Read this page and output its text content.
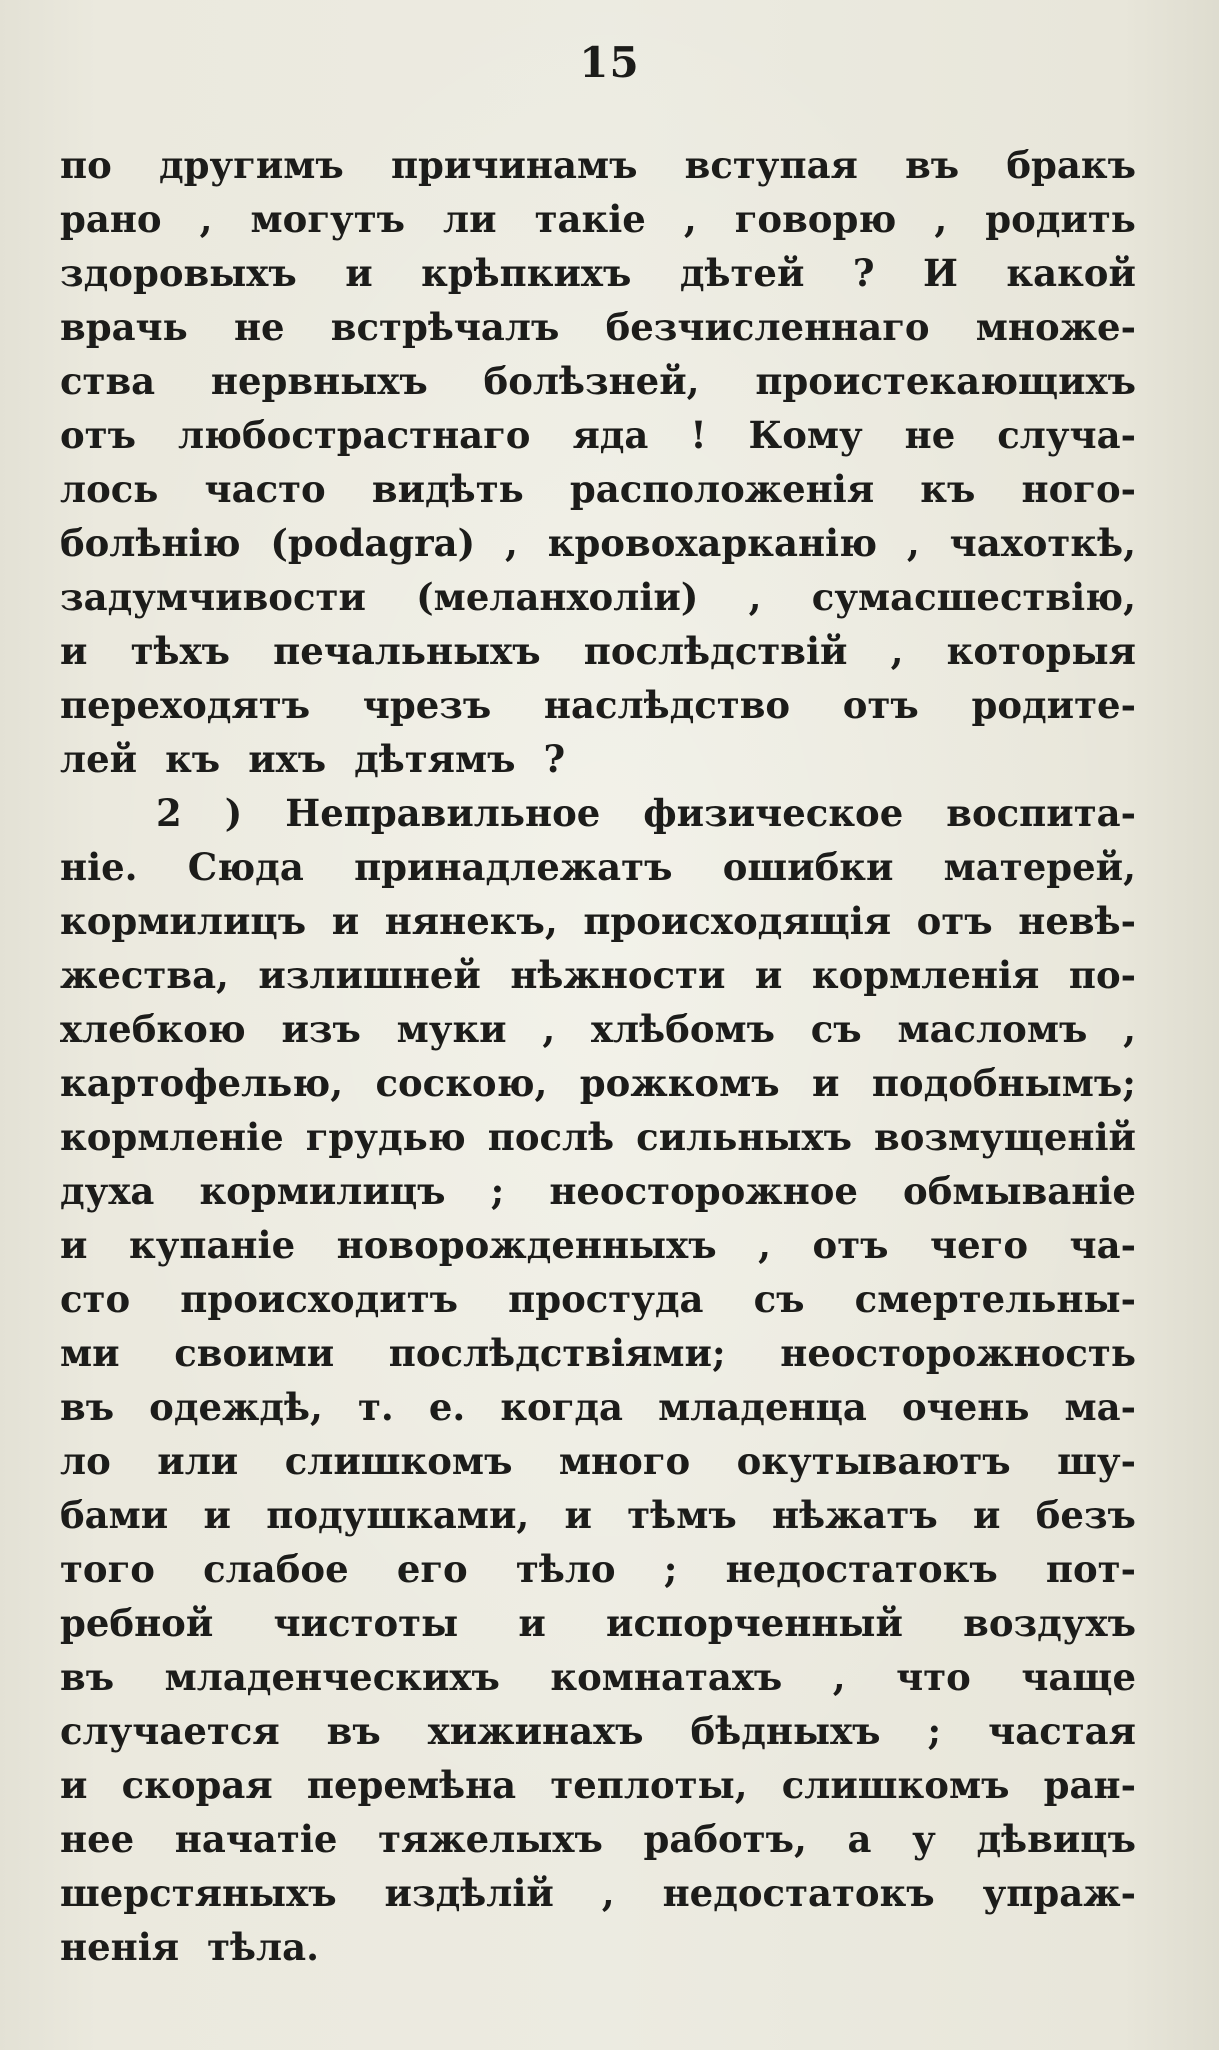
15
по другимъ причинамъ вступая въ бракъ
рано , могутъ ли такіе , говорю , родить
здоровыхъ и крѣпкихъ дѣтей ? И какой
врачь не встрѣчалъ безчисленнаго множе-
ства нервныхъ болѣзней, проистекающихъ
отъ любострастнаго яда ! Кому не случа-
лось часто видѣть расположенія къ ного-
болѣнію (podagra) , кровохарканію , чахоткѣ,
задумчивости (меланхоліи) , сумасшествію,
и тѣхъ печальныхъ послѣдствій , которыя
переходятъ чрезъ наслѣдство отъ родите-
лей къ ихъ дѣтямъ ?
2 ) Неправильное физическое воспита-
ніе. Сюда принадлежатъ ошибки матерей,
кормилицъ и нянекъ, происходящія отъ невѣ-
жества, излишней нѣжности и кормленія по-
хлебкою изъ муки , хлѣбомъ съ масломъ ,
картофелью, соскою, рожкомъ и подобнымъ;
кормленіе грудью послѣ сильныхъ возмущеній
духа кормилицъ ; неосторожное обмываніе
и купаніе новорожденныхъ , отъ чего ча-
сто происходитъ простуда съ смертельны-
ми своими послѣдствіями; неосторожность
въ одеждѣ, т. е. когда младенца очень ма-
ло или слишкомъ много окутываютъ шу-
бами и подушками, и тѣмъ нѣжатъ и безъ
того слабое его тѣло ; недостатокъ пот-
ребной чистоты и испорченный воздухъ
въ младенческихъ комнатахъ , что чаще
случается въ хижинахъ бѣдныхъ ; частая
и скорая перемѣна теплоты, слишкомъ ран-
нее начатіе тяжелыхъ работъ, а у дѣвицъ
шерстяныхъ издѣлій , недостатокъ упраж-
ненія тѣла.
